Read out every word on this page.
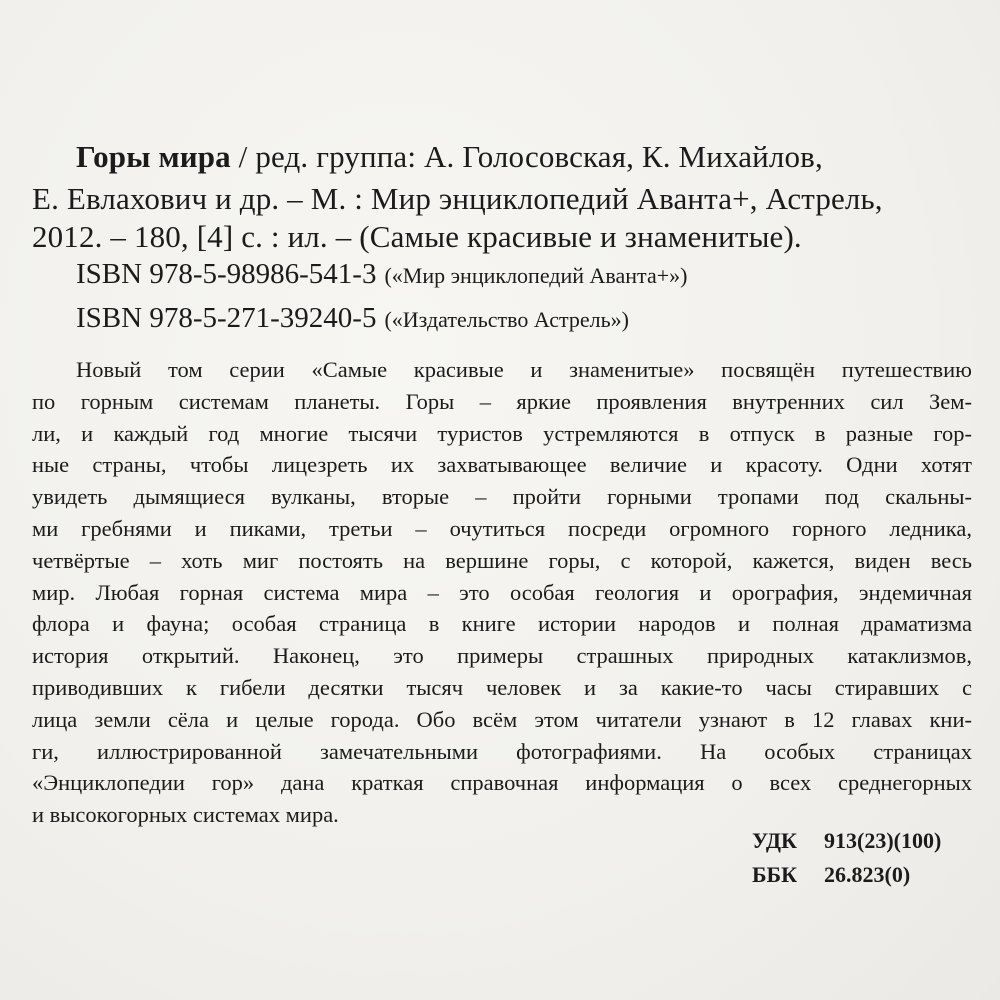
Горы мира / ред. группа: А. Голосовская, К. Михайлов,
Е. Евлахович и др. – М. : Мир энциклопедий Аванта+, Астрель,
2012. – 180, [4] с. : ил. – (Самые красивые и знаменитые).
ISBN 978-5-98986-541-3 («Мир энциклопедий Аванта+»)
ISBN 978-5-271-39240-5 («Издательство Астрель»)
Новый том серии «Самые красивые и знаменитые» посвящён путешествию
по горным системам планеты. Горы – яркие проявления внутренних сил Зем-
ли, и каждый год многие тысячи туристов устремляются в отпуск в разные гор-
ные страны, чтобы лицезреть их захватывающее величие и красоту. Одни хотят
увидеть дымящиеся вулканы, вторые – пройти горными тропами под скальны-
ми гребнями и пиками, третьи – очутиться посреди огромного горного ледника,
четвёртые – хоть миг постоять на вершине горы, с которой, кажется, виден весь
мир. Любая горная система мира – это особая геология и орография, эндемичная
флора и фауна; особая страница в книге истории народов и полная драматизма
история открытий. Наконец, это примеры страшных природных катаклизмов,
приводивших к гибели десятки тысяч человек и за какие-то часы стиравших с
лица земли сёла и целые города. Обо всём этом читатели узнают в 12 главах кни-
ги, иллюстрированной замечательными фотографиями. На особых страницах
«Энциклопедии гор» дана краткая справочная информация о всех среднегорных
и высокогорных системах мира.
УДК 913(23)(100)
ББК 26.823(0)
